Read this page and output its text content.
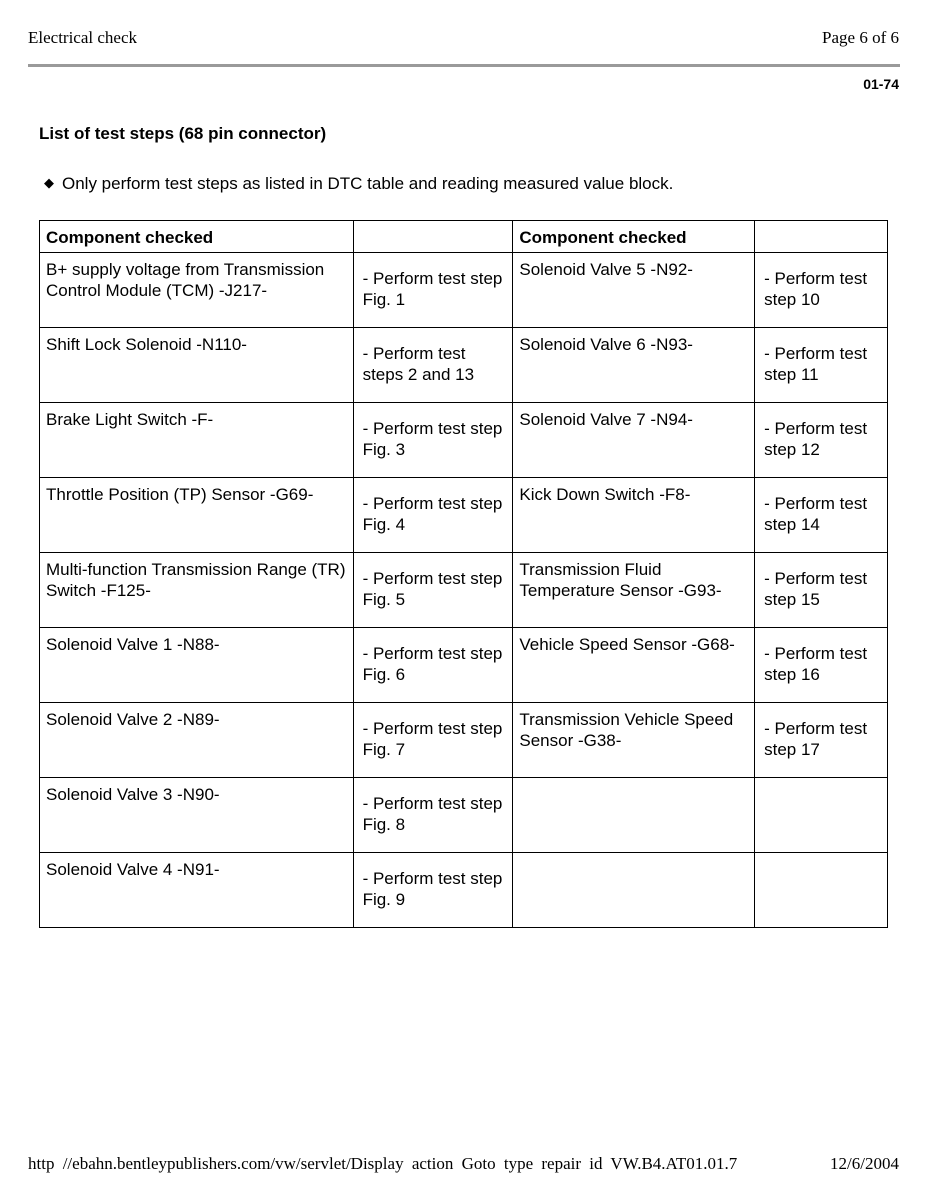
Electrical check	Page 6 of 6
01-74
List of test steps (68 pin connector)
◆ Only perform test steps as listed in DTC table and reading measured value block.
Component checked		Component checked	
B+ supply voltage from Transmission Control Module (TCM) -J217-	- Perform test step Fig. 1	Solenoid Valve 5 -N92-	- Perform test step 10
Shift Lock Solenoid -N110-	- Perform test steps 2 and 13	Solenoid Valve 6 -N93-	- Perform test step 11
Brake Light Switch -F-	- Perform test step Fig. 3	Solenoid Valve 7 -N94-	- Perform test step 12
Throttle Position (TP) Sensor -G69-	- Perform test step Fig. 4	Kick Down Switch -F8-	- Perform test step 14
Multi-function Transmission Range (TR) Switch -F125-	- Perform test step Fig. 5	Transmission Fluid Temperature Sensor -G93-	- Perform test step 15
Solenoid Valve 1 -N88-	- Perform test step Fig. 6	Vehicle Speed Sensor -G68-	- Perform test step 16
Solenoid Valve 2 -N89-	- Perform test step Fig. 7	Transmission Vehicle Speed Sensor -G38-	- Perform test step 17
Solenoid Valve 3 -N90-	- Perform test step Fig. 8		
Solenoid Valve 4 -N91-	- Perform test step Fig. 9		
http //ebahn.bentleypublishers.com/vw/servlet/Display action Goto type repair id VW.B4.AT01.01.7	12/6/2004
